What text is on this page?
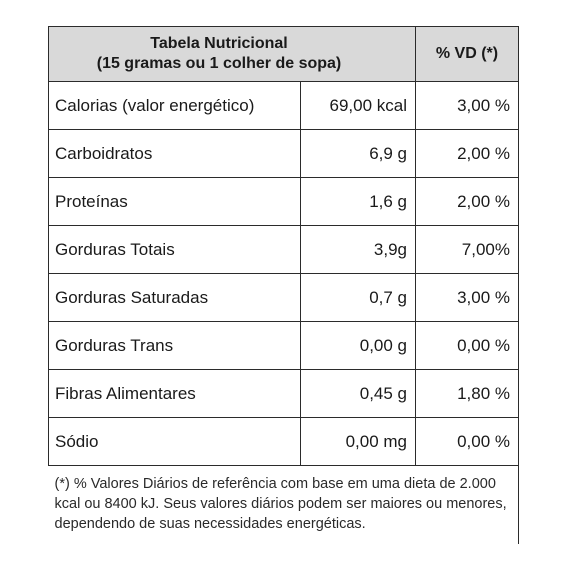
Tabela Nutricional
(15 gramas ou 1 colher de sopa)		% VD (*)
Calorias (valor energético)	69,00 kcal	3,00 %
Carboidratos	6,9 g	2,00 %
Proteínas	1,6 g	2,00 %
Gorduras Totais	3,9g	7,00%
Gorduras Saturadas	0,7 g	3,00 %
Gorduras Trans	0,00 g	0,00 %
Fibras Alimentares	0,45 g	1,80 %
Sódio	0,00 mg	0,00 %
(*) % Valores Diários de referência com base em uma dieta de 2.000 kcal ou 8400 kJ. Seus valores diários podem ser maiores ou menores, dependendo de suas necessidades energéticas.		
